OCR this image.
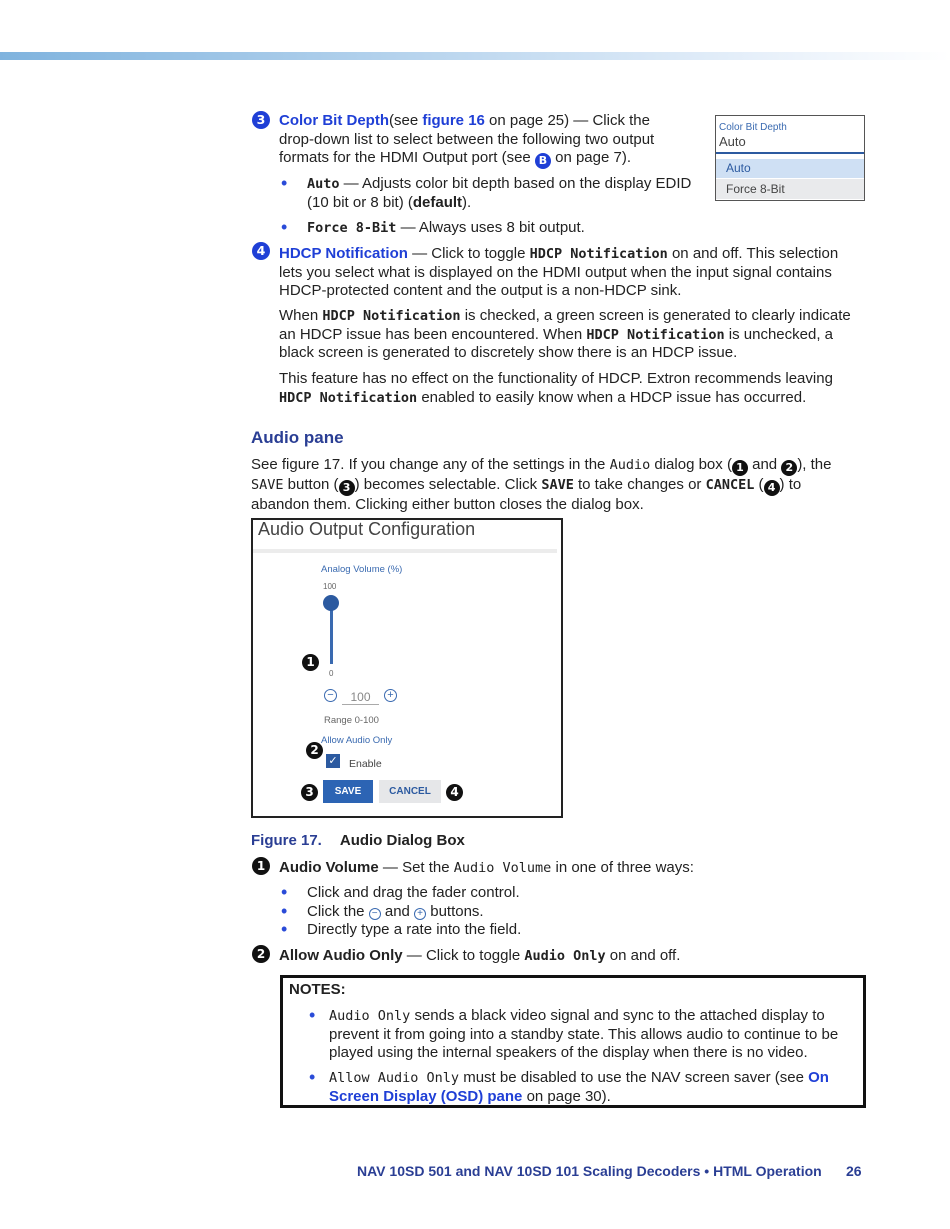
3 Color Bit Depth(see figure 16 on page 25) — Click the
drop-down list to select between the following two output
formats for the HDMI Output port (see B on page 7).
• Auto — Adjusts color bit depth based on the display EDID
(10 bit or 8 bit) (default).
• Force 8-Bit — Always uses 8 bit output.
Color Bit Depth
Auto
Auto
Force 8-Bit
4 HDCP Notification — Click to toggle HDCP Notification on and off. This selection
lets you select what is displayed on the HDMI output when the input signal contains
HDCP-protected content and the output is a non-HDCP sink.
When HDCP Notification is checked, a green screen is generated to clearly indicate
an HDCP issue has been encountered. When HDCP Notification is unchecked, a
black screen is generated to discretely show there is an HDCP issue.
This feature has no effect on the functionality of HDCP. Extron recommends leaving
HDCP Notification enabled to easily know when a HDCP issue has occurred.
Audio pane
See figure 17. If you change any of the settings in the Audio dialog box ( 1 and 2 ), the
SAVE button ( 3 ) becomes selectable. Click SAVE to take changes or CANCEL ( 4 ) to
abandon them. Clicking either button closes the dialog box.
Audio Output Configuration
Analog Volume (%)
100
0
1
−	100	+
Range 0-100
Allow Audio Only
2
✓ Enable
3	SAVE	CANCEL	4
Figure 17. Audio Dialog Box
1 Audio Volume — Set the Audio Volume in one of three ways:
• Click and drag the fader control.
• Click the − and + buttons.
• Directly type a rate into the field.
2 Allow Audio Only — Click to toggle Audio Only on and off.
NOTES:
• Audio Only sends a black video signal and sync to the attached display to
prevent it from going into a standby state. This allows audio to continue to be
played using the internal speakers of the display when there is no video.
• Allow Audio Only must be disabled to use the NAV screen saver (see On
Screen Display (OSD) pane on page 30).
NAV 10SD 501 and NAV 10SD 101 Scaling Decoders • HTML Operation 26
